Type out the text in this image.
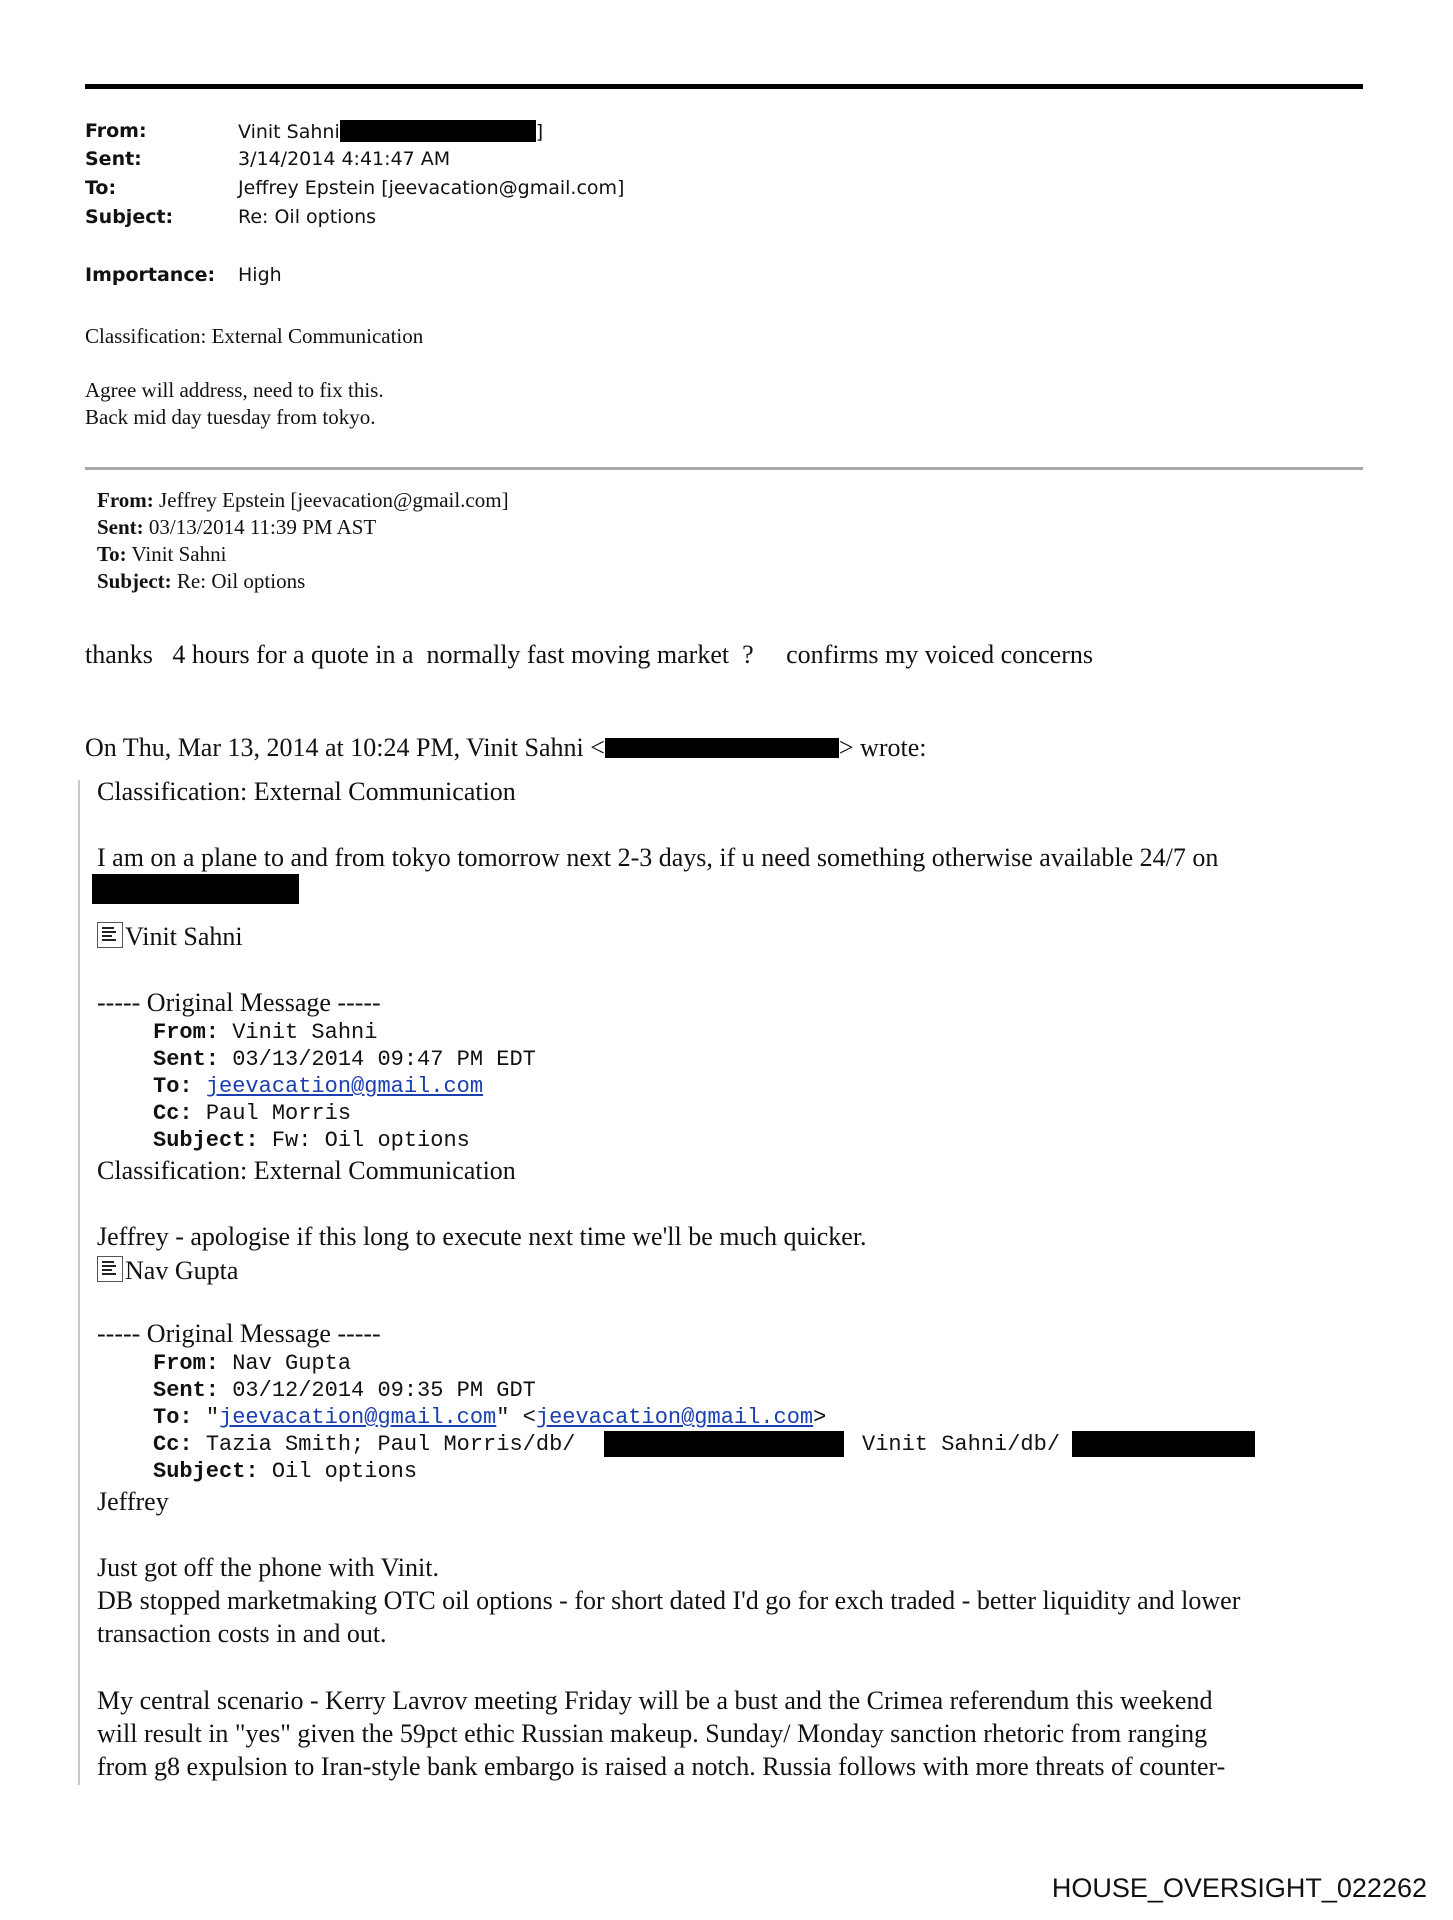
From:	Vinit Sahni	]
Sent:	3/14/2014 4:41:47 AM
To:	Jeffrey Epstein [jeevacation@gmail.com]
Subject:	Re: Oil options
Importance: High
Classification: External Communication
Agree will address, need to fix this.
Back mid day tuesday from tokyo.
From: Jeffrey Epstein [jeevacation@gmail.com]
Sent: 03/13/2014 11:39 PM AST
To: Vinit Sahni
Subject: Re: Oil options
thanks   4 hours for a quote in a  normally fast moving market  ?     confirms my voiced concerns
On Thu, Mar 13, 2014 at 10:24 PM, Vinit Sahni <	> wrote:
Classification: External Communication
I am on a plane to and from tokyo tomorrow next 2-3 days, if u need something otherwise available 24/7 on
Vinit Sahni
----- Original Message -----
From: Vinit Sahni
Sent: 03/13/2014 09:47 PM EDT
To: jeevacation@gmail.com
Cc: Paul Morris
Subject: Fw: Oil options
Classification: External Communication
Jeffrey - apologise if this long to execute next time we'll be much quicker.
Nav Gupta
----- Original Message -----
From: Nav Gupta
Sent: 03/12/2014 09:35 PM GDT
To: "jeevacation@gmail.com" <jeevacation@gmail.com>
Cc: Tazia Smith; Paul Morris/db/	Vinit Sahni/db/
Subject: Oil options
Jeffrey
Just got off the phone with Vinit.
DB stopped marketmaking OTC oil options - for short dated I'd go for exch traded - better liquidity and lower
transaction costs in and out.
My central scenario - Kerry Lavrov meeting Friday will be a bust and the Crimea referendum this weekend
will result in "yes" given the 59pct ethic Russian makeup. Sunday/ Monday sanction rhetoric from ranging
from g8 expulsion to Iran-style bank embargo is raised a notch. Russia follows with more threats of counter-
HOUSE_OVERSIGHT_022262
